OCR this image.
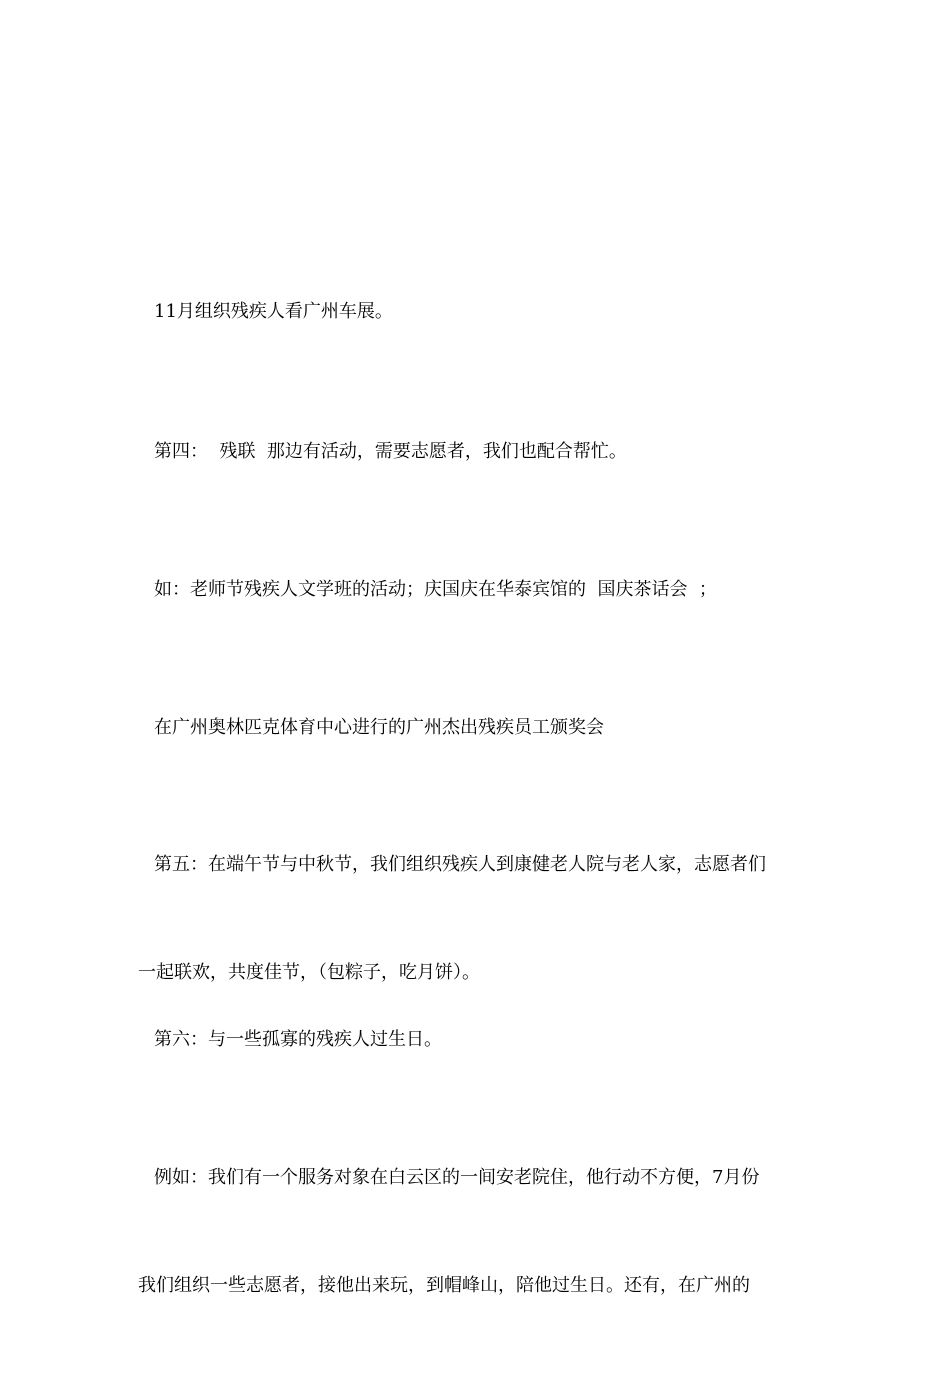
11月组织残疾人看广州车展。

第四：  残联  那边有活动，需要志愿者，我们也配合帮忙。

如：老师节残疾人文学班的活动；庆国庆在华泰宾馆的  国庆茶话会  ；

在广州奥林匹克体育中心进行的广州杰出残疾员工颁奖会

第五：在端午节与中秋节，我们组织残疾人到康健老人院与老人家，志愿者们

一起联欢，共度佳节，（包粽子，吃月饼）。

第六：与一些孤寡的残疾人过生日。

例如：我们有一个服务对象在白云区的一间安老院住，他行动不方便，7月份

我们组织一些志愿者，接他出来玩，到帽峰山，陪他过生日。还有，在广州的
